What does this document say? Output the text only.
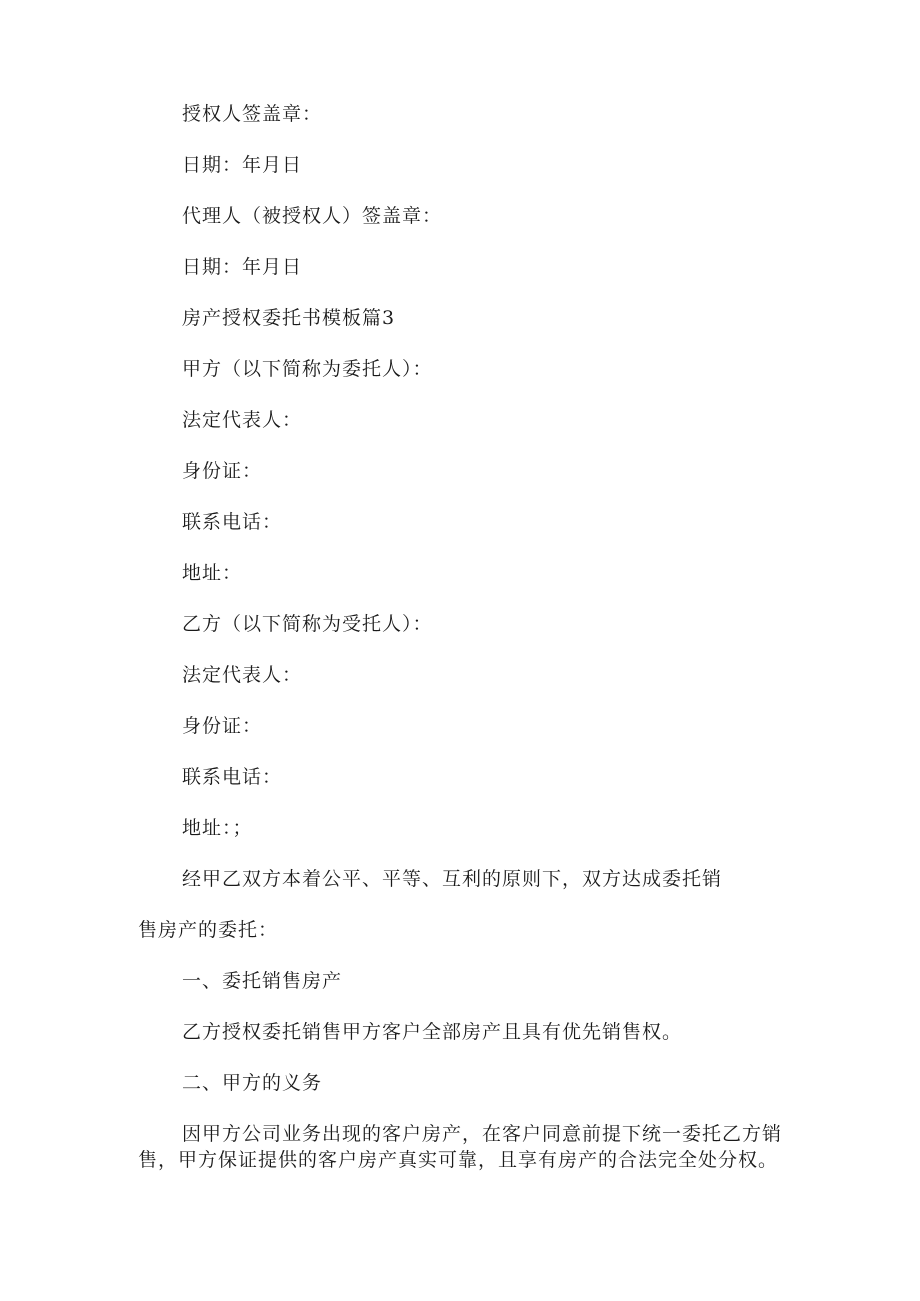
授权人签盖章：
日期：年月日
代理人（被授权人）签盖章：
日期：年月日
房产授权委托书模板篇3
甲方（以下简称为委托人）：
法定代表人：
身份证：
联系电话：
地址：
乙方（以下简称为受托人）：
法定代表人：
身份证：
联系电话：
地址：；
经甲乙双方本着公平、平等、互利的原则下，双方达成委托销
售房产的委托：
一、委托销售房产
乙方授权委托销售甲方客户全部房产且具有优先销售权。
二、甲方的义务
因甲方公司业务出现的客户房产，在客户同意前提下统一委托乙方销
售，甲方保证提供的客户房产真实可靠，且享有房产的合法完全处分权。
